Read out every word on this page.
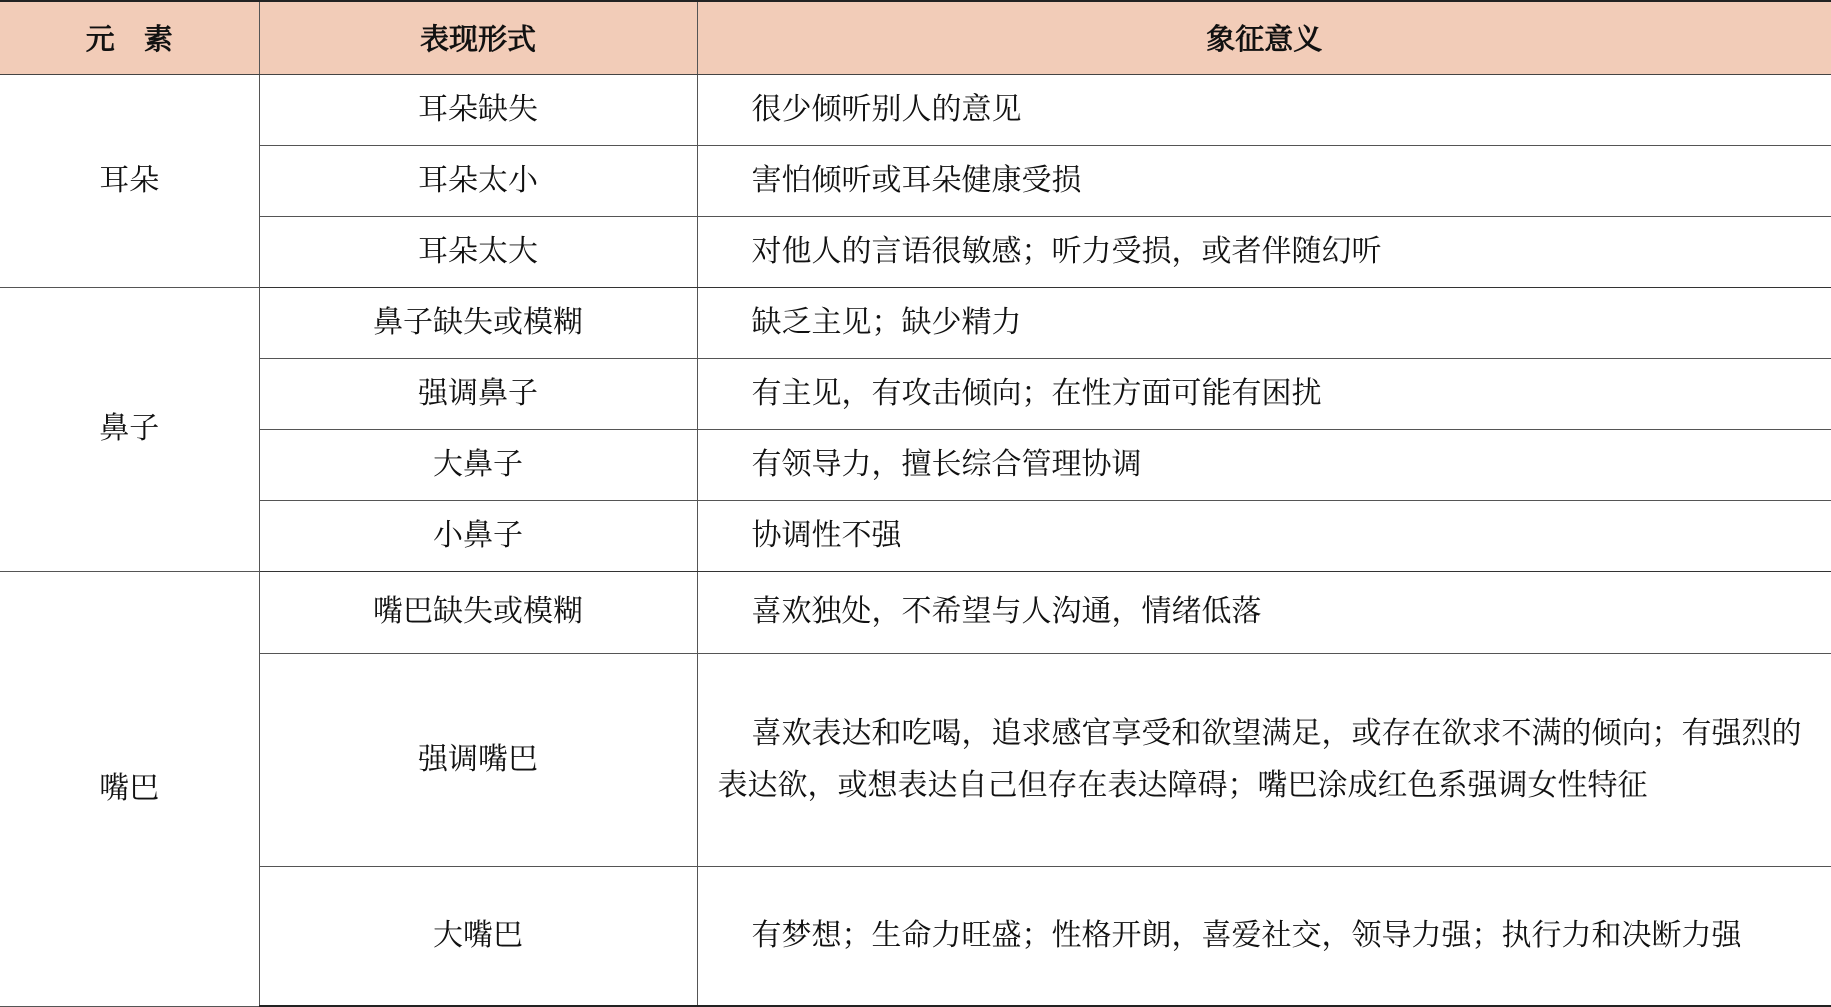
元　素	表现形式	象征意义
耳朵	耳朵缺失	很少倾听别人的意见
	耳朵太小	害怕倾听或耳朵健康受损
	耳朵太大	对他人的言语很敏感；听力受损，或者伴随幻听
鼻子	鼻子缺失或模糊	缺乏主见；缺少精力
	强调鼻子	有主见，有攻击倾向；在性方面可能有困扰
	大鼻子	有领导力，擅长综合管理协调
	小鼻子	协调性不强
嘴巴	嘴巴缺失或模糊	喜欢独处，不希望与人沟通，情绪低落
	强调嘴巴	喜欢表达和吃喝，追求感官享受和欲望满足，或存在欲求不满的倾向；有强烈的表达欲，或想表达自己但存在表达障碍；嘴巴涂成红色系强调女性特征
	大嘴巴	有梦想；生命力旺盛；性格开朗，喜爱社交，领导力强；执行力和决断力强
